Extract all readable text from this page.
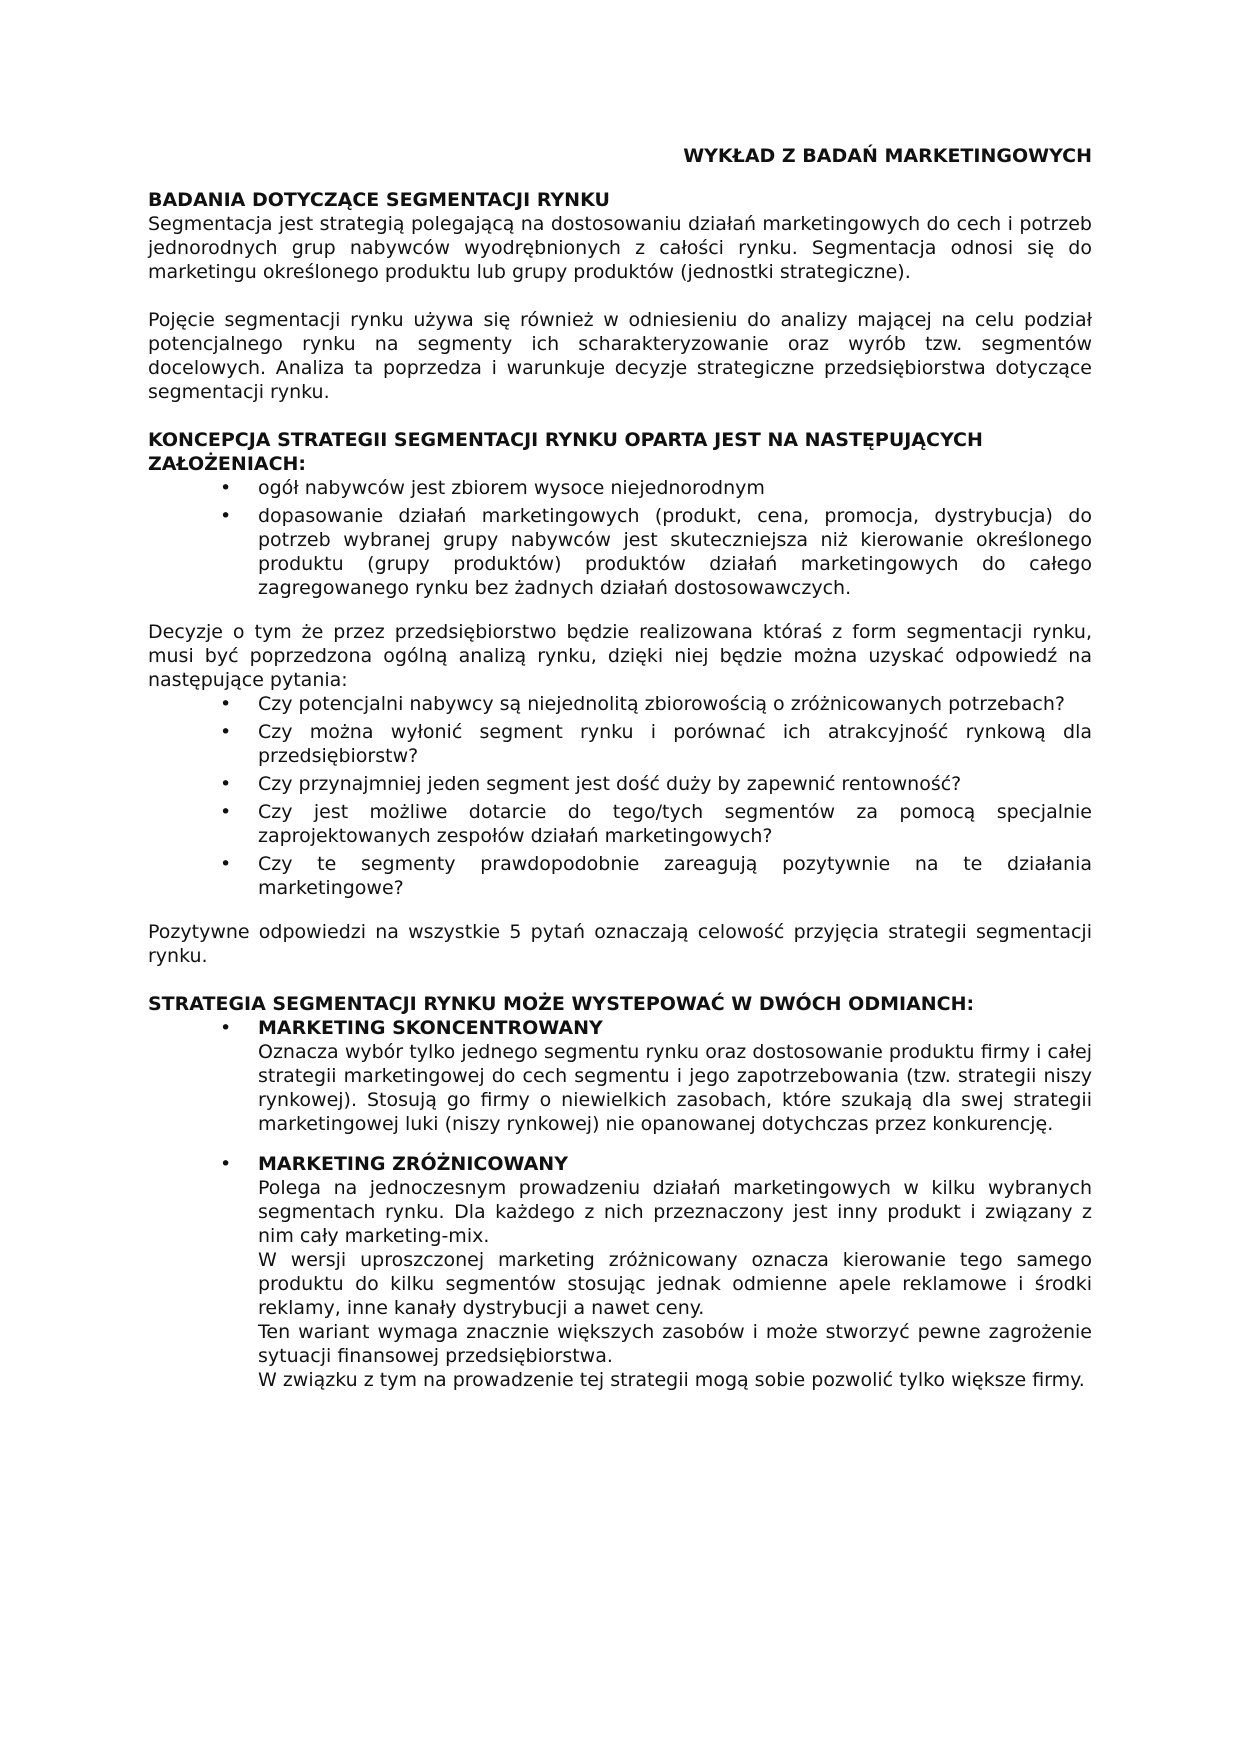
WYKŁAD Z BADAŃ MARKETINGOWYCH

BADANIA DOTYCZĄCE SEGMENTACJI RYNKU

Segmentacja jest strategią polegającą na dostosowaniu działań marketingowych do cech i potrzeb jednorodnych grup nabywców wyodrębnionych z całości rynku. Segmentacja odnosi się do marketingu określonego produktu lub grupy produktów (jednostki strategiczne).

Pojęcie segmentacji rynku używa się również w odniesieniu do analizy mającej na celu podział potencjalnego rynku na segmenty ich scharakteryzowanie oraz wyrób tzw. segmentów docelowych. Analiza ta poprzedza i warunkuje decyzje strategiczne przedsiębiorstwa dotyczące segmentacji rynku.

KONCEPCJA STRATEGII SEGMENTACJI RYNKU OPARTA JEST NA NASTĘPUJĄCYCH ZAŁOŻENIACH:

• ogół nabywców jest zbiorem wysoce niejednorodnym
• dopasowanie działań marketingowych (produkt, cena, promocja, dystrybucja) do potrzeb wybranej grupy nabywców jest skuteczniejsza niż kierowanie określonego produktu (grupy produktów) produktów działań marketingowych do całego zagregowanego rynku bez żadnych działań dostosowawczych.

Decyzje o tym że przez przedsiębiorstwo będzie realizowana któraś z form segmentacji rynku, musi być poprzedzona ogólną analizą rynku, dzięki niej będzie można uzyskać odpowiedź na następujące pytania:

• Czy potencjalni nabywcy są niejednolitą zbiorowością o zróżnicowanych potrzebach?
• Czy można wyłonić segment rynku i porównać ich atrakcyjność rynkową dla przedsiębiorstw?
• Czy przynajmniej jeden segment jest dość duży by zapewnić rentowność?
• Czy jest możliwe dotarcie do tego/tych segmentów za pomocą specjalnie zaprojektowanych zespołów działań marketingowych?
• Czy te segmenty prawdopodobnie zareagują pozytywnie na te działania marketingowe?

Pozytywne odpowiedzi na wszystkie 5 pytań oznaczają celowość przyjęcia strategii segmentacji rynku.

STRATEGIA SEGMENTACJI RYNKU MOŻE WYSTEPOWAĆ W DWÓCH ODMIANCH:

• MARKETING SKONCENTROWANY
Oznacza wybór tylko jednego segmentu rynku oraz dostosowanie produktu firmy i całej strategii marketingowej do cech segmentu i jego zapotrzebowania (tzw. strategii niszy rynkowej). Stosują go firmy o niewielkich zasobach, które szukają dla swej strategii marketingowej luki (niszy rynkowej) nie opanowanej dotychczas przez konkurencję.
• MARKETING ZRÓŻNICOWANY

Polega na jednoczesnym prowadzeniu działań marketingowych w kilku wybranych segmentach rynku. Dla każdego z nich przeznaczony jest inny produkt i związany z nim cały marketing-mix.

W wersji uproszczonej marketing zróżnicowany oznacza kierowanie tego samego produktu do kilku segmentów stosując jednak odmienne apele reklamowe i środki reklamy, inne kanały dystrybucji a nawet ceny.

Ten wariant wymaga znacznie większych zasobów i może stworzyć pewne zagrożenie sytuacji finansowej przedsiębiorstwa.

W związku z tym na prowadzenie tej strategii mogą sobie pozwolić tylko większe firmy.
